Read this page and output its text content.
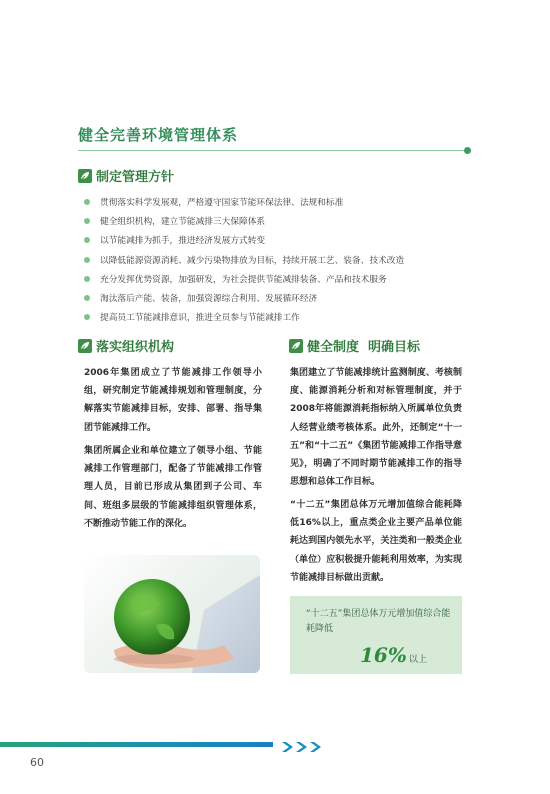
健全完善环境管理体系
制定管理方针
贯彻落实科学发展观，严格遵守国家节能环保法律、法规和标准
健全组织机构，建立节能减排三大保障体系
以节能减排为抓手，推进经济发展方式转变
以降低能源资源消耗、减少污染物排放为目标，持续开展工艺、装备、技术改造
充分发挥优势资源，加强研发，为社会提供节能减排装备、产品和技术服务
淘汰落后产能、装备，加强资源综合利用、发展循环经济
提高员工节能减排意识，推进全员参与节能减排工作
落实组织机构

2006年集团成立了节能减排工作领导小组，研究制定节能减排规划和管理制度，分解落实节能减排目标，安排、部署、指导集团节能减排工作。

集团所属企业和单位建立了领导小组、节能减排工作管理部门，配备了节能减排工作管理人员，目前已形成从集团到子公司、车间、班组多层级的节能减排组织管理体系，不断推动节能工作的深化。

健全制度  明确目标

集团建立了节能减排统计监测制度、考核制度、能源消耗分析和对标管理制度，并于2008年将能源消耗指标纳入所属单位负责人经营业绩考核体系。此外，还制定“十一五”和“十二五”《集团节能减排工作指导意见》，明确了不同时期节能减排工作的指导思想和总体工作目标。

“十二五”集团总体万元增加值综合能耗降低16%以上，重点类企业主要产品单位能耗达到国内领先水平，关注类和一般类企业（单位）应积极提升能耗利用效率，为实现节能减排目标做出贡献。

“十二五”集团总体万元增加值综合能耗降低

16% 以上
60
